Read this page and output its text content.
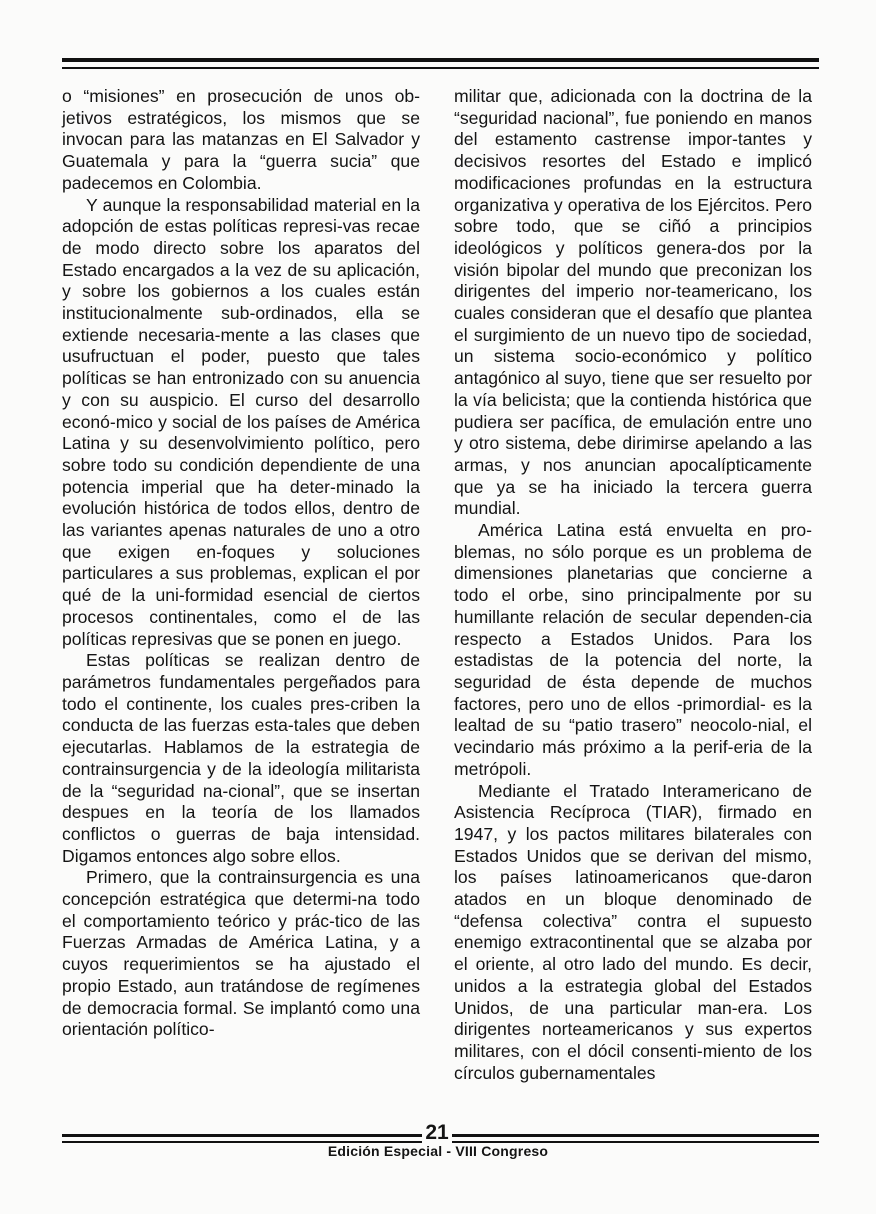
o “misiones” en prosecución de unos ob-jetivos estratégicos, los mismos que se invocan para las matanzas en El Salvador y Guatemala y para la “guerra sucia” que padecemos en Colombia.

Y aunque la responsabilidad material en la adopción de estas políticas represi-vas recae de modo directo sobre los aparatos del Estado encargados a la vez de su aplicación, y sobre los gobiernos a los cuales están institucionalmente sub-ordinados, ella se extiende necesaria-mente a las clases que usufructuan el poder, puesto que tales políticas se han entronizado con su anuencia y con su auspicio. El curso del desarrollo econó-mico y social de los países de América Latina y su desenvolvimiento político, pero sobre todo su condición dependiente de una potencia imperial que ha deter-minado la evolución histórica de todos ellos, dentro de las variantes apenas naturales de uno a otro que exigen en-foques y soluciones particulares a sus problemas, explican el por qué de la uni-formidad esencial de ciertos procesos continentales, como el de las políticas represivas que se ponen en juego.

Estas políticas se realizan dentro de parámetros fundamentales pergeñados para todo el continente, los cuales pres-criben la conducta de las fuerzas esta-tales que deben ejecutarlas. Hablamos de la estrategia de contrainsurgencia y de la ideología militarista de la “seguridad na-cional”, que se insertan despues en la teoría de los llamados conflictos o guerras de baja intensidad. Digamos entonces algo sobre ellos.

Primero, que la contrainsurgencia es una concepción estratégica que determi-na todo el comportamiento teórico y prác-tico de las Fuerzas Armadas de América Latina, y a cuyos requerimientos se ha ajustado el propio Estado, aun tratándose de regímenes de democracia formal. Se implantó como una orientación político-

militar que, adicionada con la doctrina de la “seguridad nacional”, fue poniendo en manos del estamento castrense impor-tantes y decisivos resortes del Estado e implicó modificaciones profundas en la estructura organizativa y operativa de los Ejércitos. Pero sobre todo, que se ciñó a principios ideológicos y políticos genera-dos por la visión bipolar del mundo que preconizan los dirigentes del imperio nor-teamericano, los cuales consideran que el desafío que plantea el surgimiento de un nuevo tipo de sociedad, un sistema socio-económico y político antagónico al suyo, tiene que ser resuelto por la vía belicista; que la contienda histórica que pudiera ser pacífica, de emulación entre uno y otro sistema, debe dirimirse apelando a las armas, y nos anuncian apocalípticamente que ya se ha iniciado la tercera guerra mundial.

América Latina está envuelta en pro-blemas, no sólo porque es un problema de dimensiones planetarias que concierne a todo el orbe, sino principalmente por su humillante relación de secular dependen-cia respecto a Estados Unidos. Para los estadistas de la potencia del norte, la seguridad de ésta depende de muchos factores, pero uno de ellos -primordial- es la lealtad de su “patio trasero” neocolo-nial, el vecindario más próximo a la perif-eria de la metrópoli.

Mediante el Tratado Interamericano de Asistencia Recíproca (TIAR), firmado en 1947, y los pactos militares bilaterales con Estados Unidos que se derivan del mismo, los países latinoamericanos que-daron atados en un bloque denominado de “defensa colectiva” contra el supuesto enemigo extracontinental que se alzaba por el oriente, al otro lado del mundo. Es decir, unidos a la estrategia global del Estados Unidos, de una particular man-era. Los dirigentes norteamericanos y sus expertos militares, con el dócil consenti-miento de los círculos gubernamentales

21
Edición Especial - VIII Congreso
